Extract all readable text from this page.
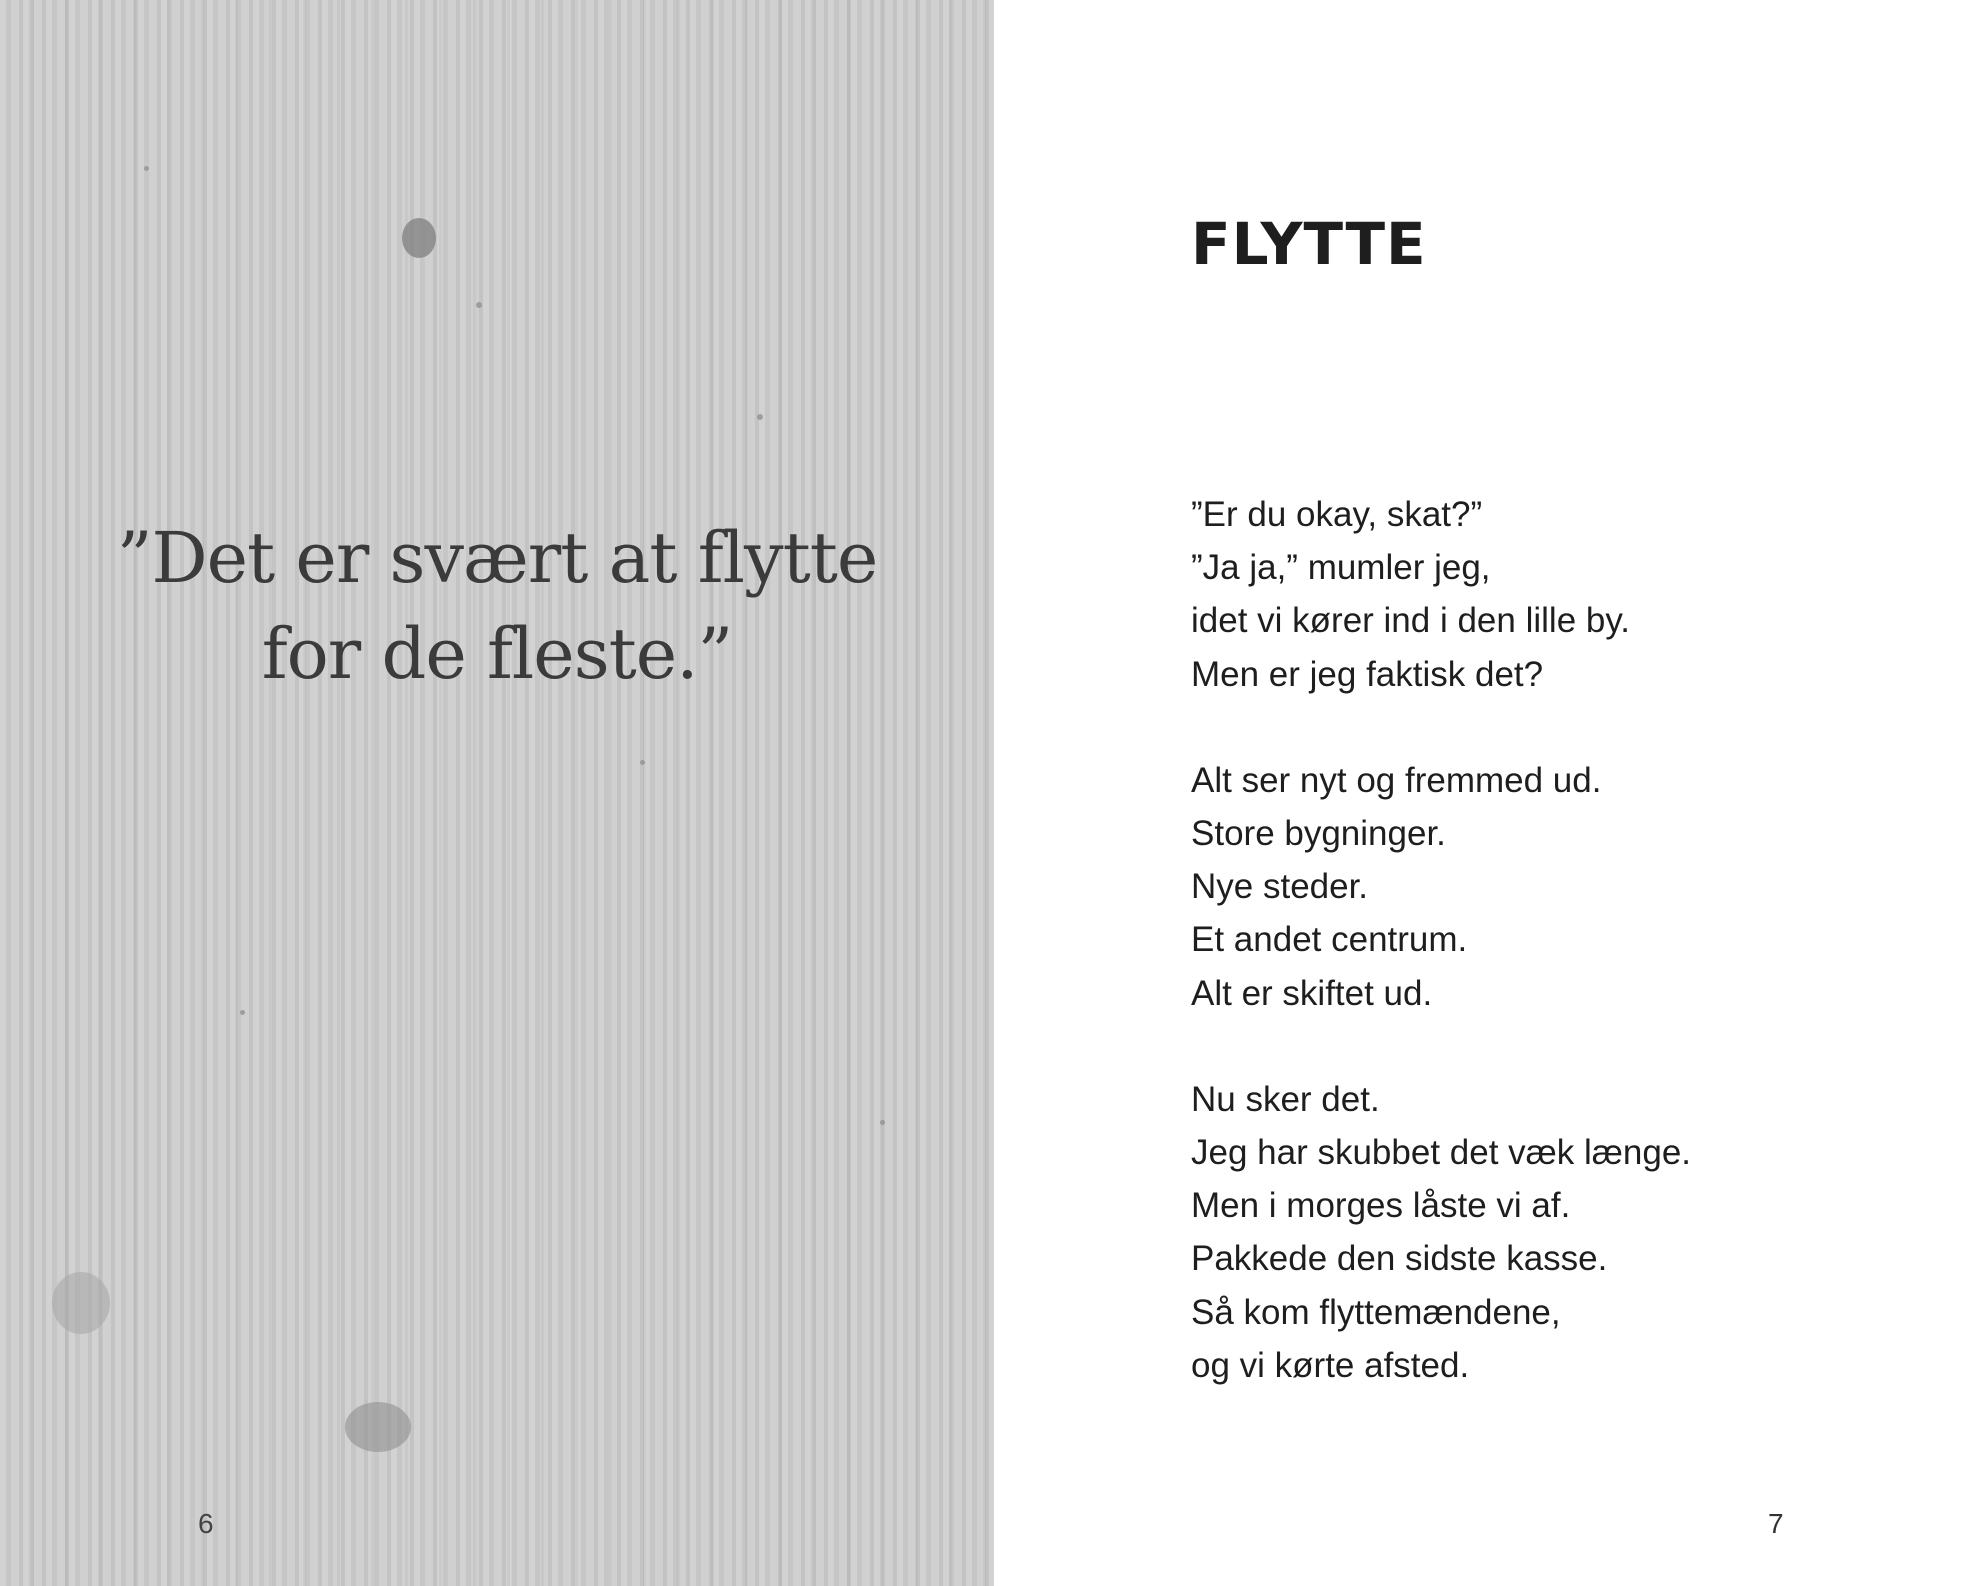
”Det er svært at flytte
for de fleste.”
6
FLYTTE
”Er du okay, skat?”
”Ja ja,” mumler jeg,
idet vi kører ind i den lille by.
Men er jeg faktisk det?
Alt ser nyt og fremmed ud.
Store bygninger.
Nye steder.
Et andet centrum.
Alt er skiftet ud.
Nu sker det.
Jeg har skubbet det væk længe.
Men i morges låste vi af.
Pakkede den sidste kasse.
Så kom flyttemændene,
og vi kørte afsted.
7
